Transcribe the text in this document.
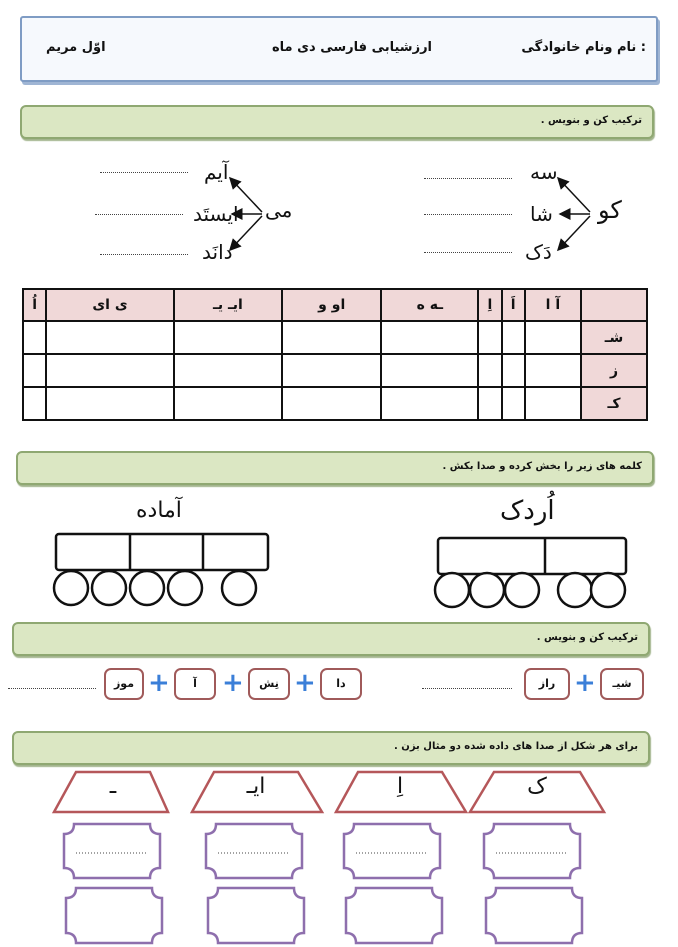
نام ونام خانوادگی :
ارزشیابی فارسی دی ماه
اوّل مریم
ترکیب کن و بنویس .
کو
سه
شا
دَک
می
آیم
ایستَد
دانَد
	آ ا	اَ	اِ	ـه ه	او و	ایـ یـ	ی ای	اُ
شـ								
ز								
کـ								
کلمه های زیر را بخش کرده و صدا بکش .
اُردک
آماده
ترکیب کن و بنویس .
شیـ
+
راز
دا
+
نِش
+
آ
+
موز
برای هر شکل از صدا های داده شده دو مثال بزن .
ک
اِ
ایـ
ـ
